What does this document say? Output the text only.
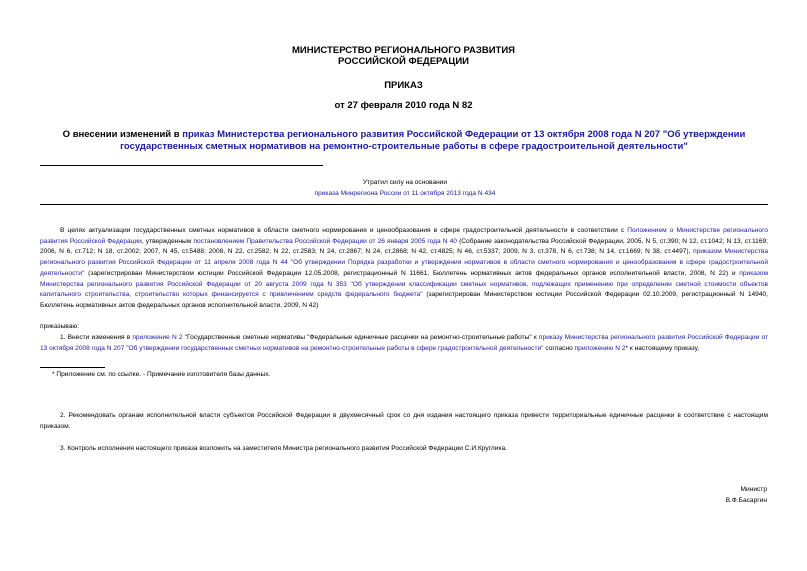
МИНИСТЕРСТВО РЕГИОНАЛЬНОГО РАЗВИТИЯ
РОССИЙСКОЙ ФЕДЕРАЦИИ
ПРИКАЗ
от 27 февраля 2010 года N 82
О внесении изменений в приказ Министерства регионального развития Российской Федерации от 13 октября 2008 года N 207 "Об утверждении государственных сметных нормативов на ремонтно-строительные работы в сфере градостроительной деятельности"
Утратил силу на основании
приказа Минрегиона России от 11 октября 2013 года N 434
В целях актуализации государственных сметных нормативов в области сметного нормирования и ценообразования в сфере градостроительной деятельности в соответствии с Положением о Министерстве регионального развития Российской Федерации, утвержденным постановлением Правительства Российской Федерации от 26 января 2005 года N 40 (Собрание законодательства Российской Федерации, 2005, N 5, ст.390; N 12, ст.1042; N 13, ст.1169; 2006, N 6, ст.712; N 18, ст.2002; 2007, N 45, ст.5488; 2008, N 22, ст.2582; N 22, ст.2583; N 24, ст.2867; N 24, ст.2868; N 42, ст.4825; N 46, ст.5337; 2009, N 3, ст.378, N 6, ст.738; N 14, ст.1669; N 38, ст.4497), приказом Министерства регионального развития Российской Федерации от 11 апреля 2008 года N 44 "Об утверждении Порядка разработки и утверждения нормативов в области сметного нормирования и ценообразования в сфере градостроительной деятельности" (зарегистрирован Министерством юстиции Российской Федерации 12.05.2008, регистрационный N 11661, Бюллетень нормативных актов федеральных органов исполнительной власти, 2008, N 22) и приказом Министерства регионального развития Российской Федерации от 20 августа 2009 года N 353 "Об утверждении классификации сметных нормативов, подлежащих применению при определении сметной стоимости объектов капитального строительства, строительство которых финансируется с привлечением средств федерального бюджета" (зарегистрирован Министерством юстиции Российской Федерации 02.10.2009, регистрационный N 14940, Бюллетень нормативных актов федеральных органов исполнительной власти, 2009, N 42)
приказываю:
1. Внести изменения в приложение N 2 "Государственные сметные нормативы "Федеральные единичные расценки на ремонтно-строительные работы" к приказу Министерства регионального развития Российской Федерации от 13 октября 2008 года N 207 "Об утверждении государственных сметных нормативов на ремонтно-строительные работы в сфере градостроительной деятельности" согласно приложению N 2* к настоящему приказу.
* Приложение см. по ссылке. - Примечание изготовителя базы данных.
2. Рекомендовать органам исполнительной власти субъектов Российской Федерации в двухмесячный срок со дня издания настоящего приказа привести территориальные единичные расценки в соответствие с настоящим приказом.
3. Контроль исполнения настоящего приказа возложить на заместителя Министра регионального развития Российской Федерации С.И.Круглика.
Министр
В.Ф.Басаргин
